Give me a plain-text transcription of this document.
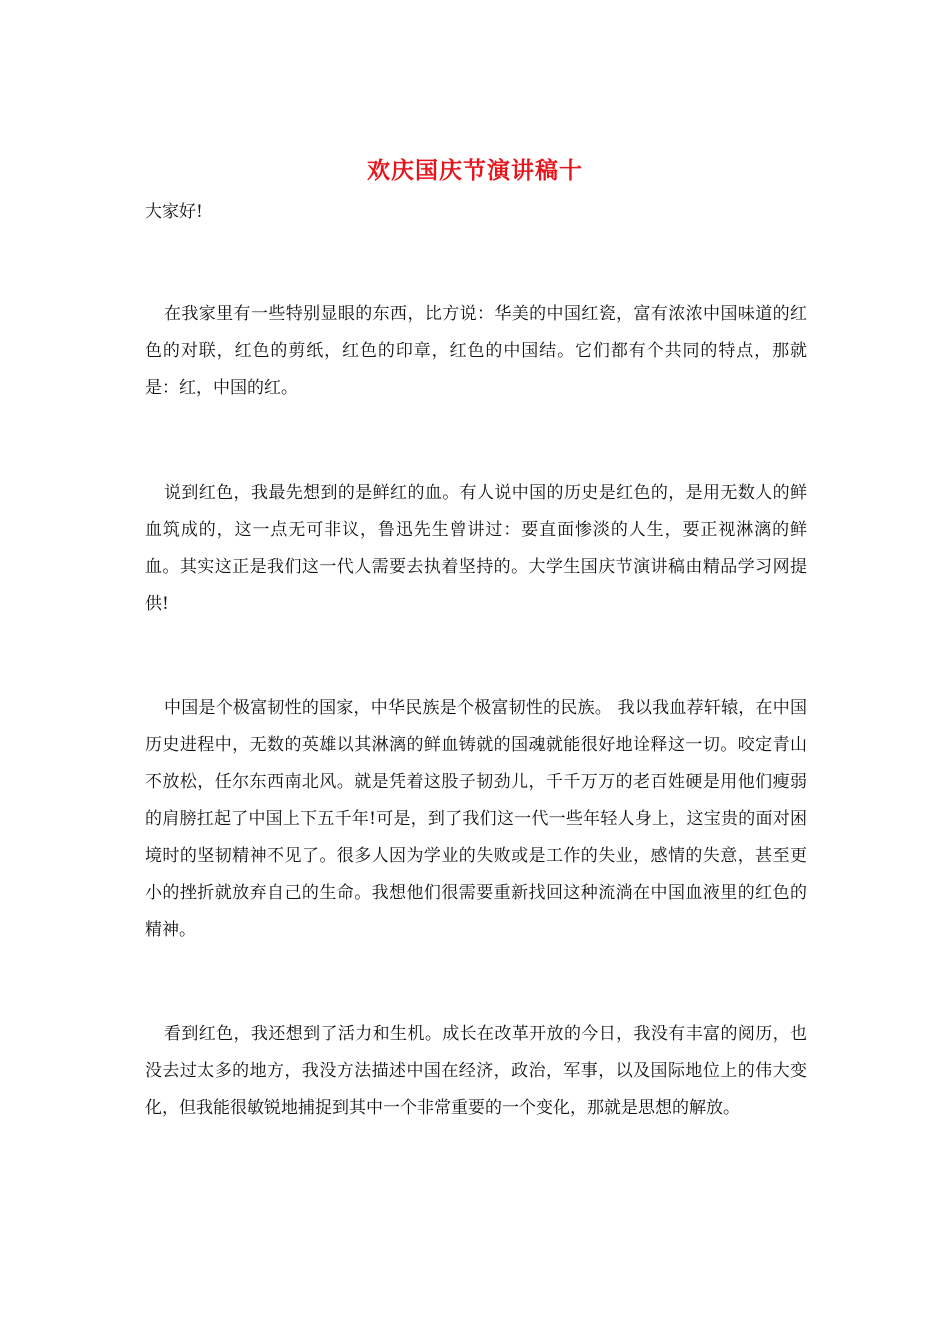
欢庆国庆节演讲稿十

大家好!

在我家里有一些特别显眼的东西，比方说：华美的中国红瓷，富有浓浓中国味道的红色的对联，红色的剪纸，红色的印章，红色的中国结。它们都有个共同的特点，那就是：红，中国的红。

说到红色，我最先想到的是鲜红的血。有人说中国的历史是红色的，是用无数人的鲜血筑成的，这一点无可非议，鲁迅先生曾讲过：要直面惨淡的人生，要正视淋漓的鲜血。其实这正是我们这一代人需要去执着坚持的。大学生国庆节演讲稿由精品学习网提供!

中国是个极富韧性的国家，中华民族是个极富韧性的民族。 我以我血荐轩辕，在中国历史进程中，无数的英雄以其淋漓的鲜血铸就的国魂就能很好地诠释这一切。咬定青山不放松，任尔东西南北风。就是凭着这股子韧劲儿，千千万万的老百姓硬是用他们瘦弱的肩膀扛起了中国上下五千年!可是，到了我们这一代一些年轻人身上，这宝贵的面对困境时的坚韧精神不见了。很多人因为学业的失败或是工作的失业，感情的失意，甚至更小的挫折就放弃自己的生命。我想他们很需要重新找回这种流淌在中国血液里的红色的精神。

看到红色，我还想到了活力和生机。成长在改革开放的今日，我没有丰富的阅历，也没去过太多的地方，我没方法描述中国在经济，政治，军事，以及国际地位上的伟大变化，但我能很敏锐地捕捉到其中一个非常重要的一个变化，那就是思想的解放。
